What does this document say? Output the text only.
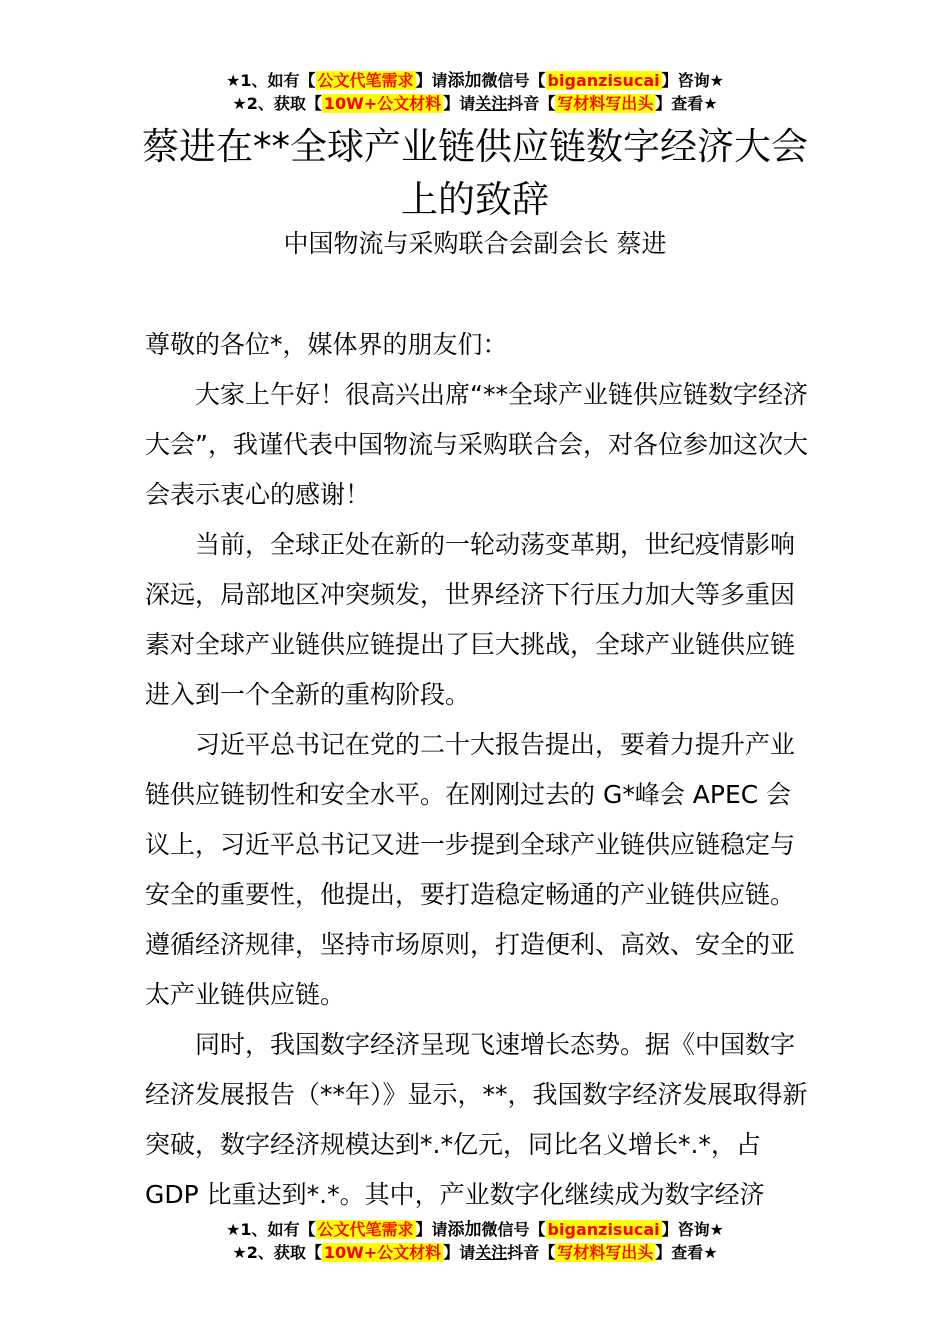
★1、如有【 公文代笔需求 】请添加微信号【 biganzisucai 】咨询★
★2、获取【 10W+公文材料 】请关注抖音【 写材料写出头 】查看★
蔡进在**全球产业链供应链数字经济大会
上的致辞
中国物流与采购联合会副会长 蔡进

尊敬的各位*，媒体界的朋友们：

大家上午好！很高兴出席“**全球产业链供应链数字经济大会”，我谨代表中国物流与采购联合会，对各位参加这次大会表示衷心的感谢！

当前，全球正处在新的一轮动荡变革期，世纪疫情影响深远，局部地区冲突频发，世界经济下行压力加大等多重因素对全球产业链供应链提出了巨大挑战，全球产业链供应链进入到一个全新的重构阶段。

习近平总书记在党的二十大报告提出，要着力提升产业链供应链韧性和安全水平。在刚刚过去的 G*峰会 APEC 会议上，习近平总书记又进一步提到全球产业链供应链稳定与安全的重要性，他提出，要打造稳定畅通的产业链供应链。遵循经济规律，坚持市场原则，打造便利、高效、安全的亚太产业链供应链。

同时，我国数字经济呈现飞速增长态势。据《中国数字经济发展报告（**年）》显示，**，我国数字经济发展取得新突破，数字经济规模达到*.*亿元，同比名义增长*.*，占 GDP 比重达到*.*。其中，产业数字化继续成为数字经济

★1、如有【 公文代笔需求 】请添加微信号【 biganzisucai 】咨询★
★2、获取【 10W+公文材料 】请关注抖音【 写材料写出头 】查看★
